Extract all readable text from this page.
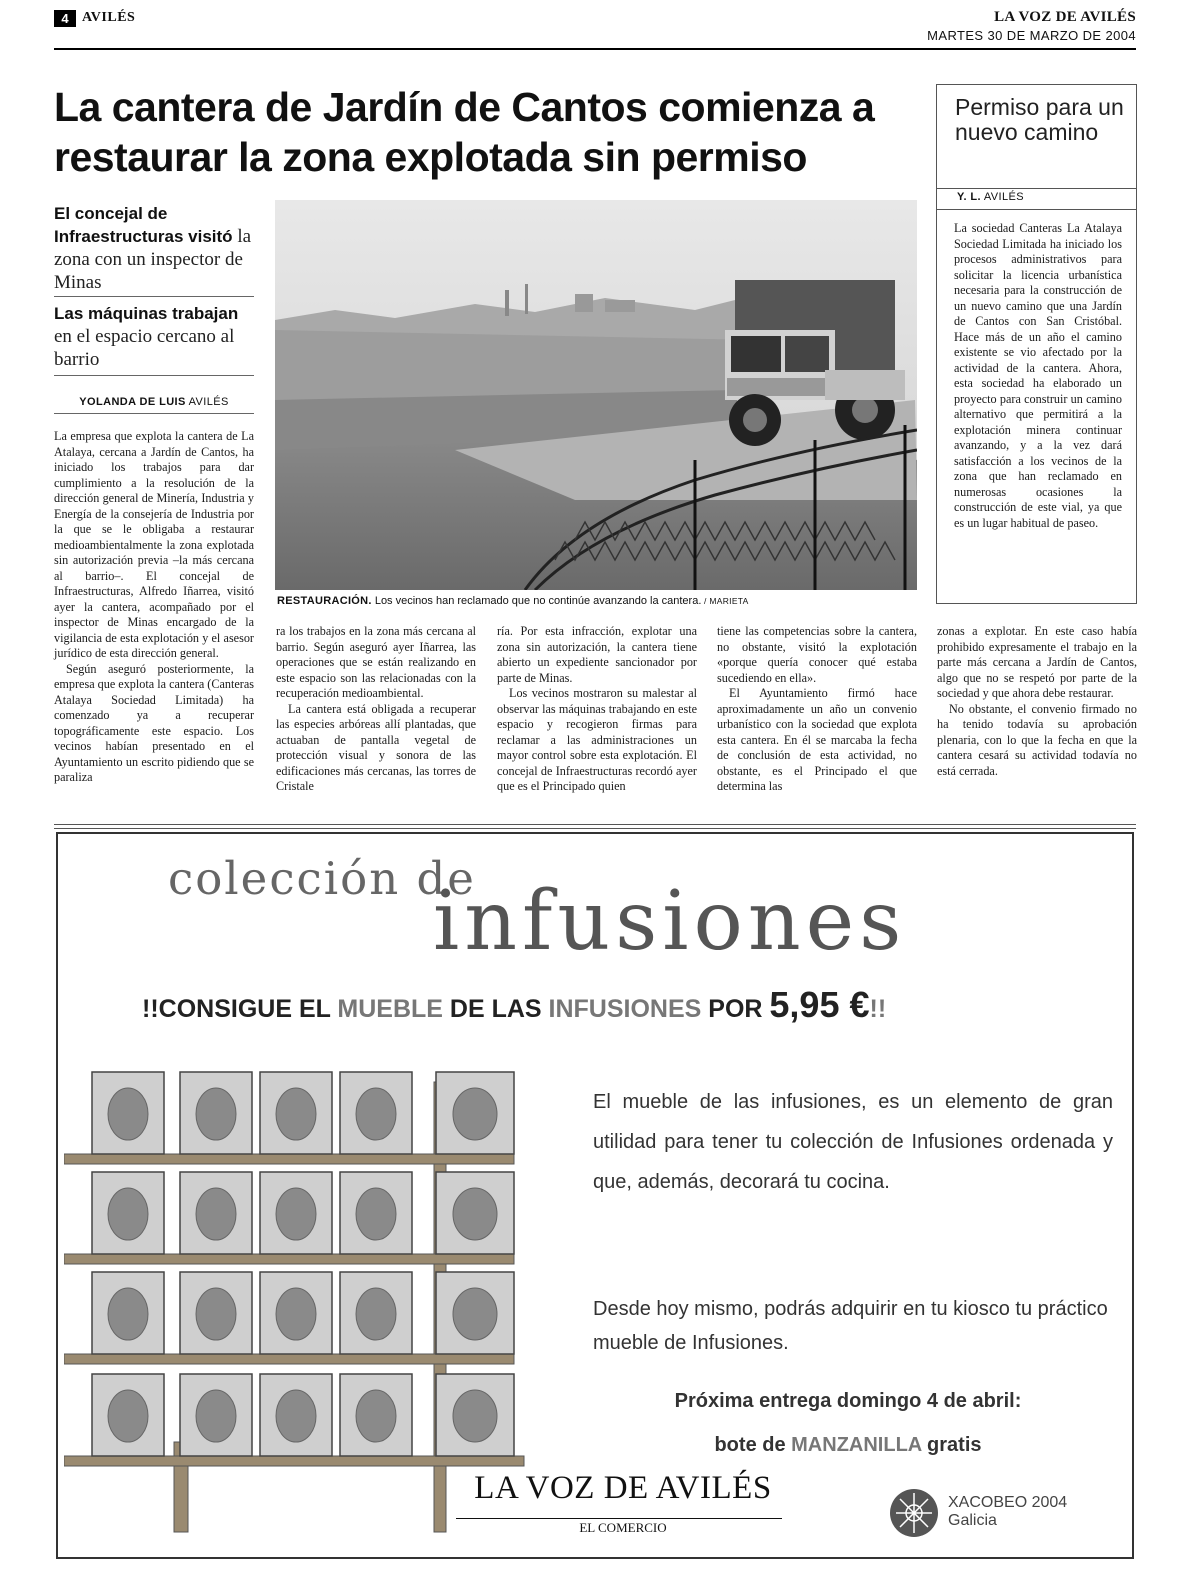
4 AVILÉS	LA VOZ DE AVILÉS
MARTES 30 DE MARZO DE 2004
La cantera de Jardín de Cantos comienza a restaurar la zona explotada sin permiso
El concejal de Infraestructuras visitó la zona con un inspector de Minas
Las máquinas trabajan en el espacio cercano al barrio
YOLANDA DE LUIS AVILÉS

La empresa que explota la cantera de La Atalaya, cercana a Jardín de Cantos, ha iniciado los trabajos para dar cumplimiento a la resolución de la dirección general de Minería, Industria y Energía de la consejería de Industria por la que se le obligaba a restaurar medioambientalmente la zona explotada sin autorización previa –la más cercana al barrio–. El concejal de Infraestructuras, Alfredo Iñarrea, visitó ayer la cantera, acompañado por el inspector de Minas encargado de la vigilancia de esta explotación y el asesor jurídico de esta dirección general.

Según aseguró posteriormente, la empresa que explota la cantera (Canteras Atalaya Sociedad Limitada) ha comenzado ya a recuperar topográficamente este espacio. Los vecinos habían presentado en el Ayuntamiento un escrito pidiendo que se paraliza

RESTAURACIÓN. Los vecinos han reclamado que no continúe avanzando la cantera. / MARIETA

ra los trabajos en la zona más cercana al barrio. Según aseguró ayer Iñarrea, las operaciones que se están realizando en este espacio son las relacionadas con la recuperación medioambiental.

La cantera está obligada a recuperar las especies arbóreas allí plantadas, que actuaban de pantalla vegetal de protección visual y sonora de las edificaciones más cercanas, las torres de Cristale

ría. Por esta infracción, explotar una zona sin autorización, la cantera tiene abierto un expediente sancionador por parte de Minas.

Los vecinos mostraron su malestar al observar las máquinas trabajando en este espacio y recogieron firmas para reclamar a las administraciones un mayor control sobre esta explotación. El concejal de Infraestructuras recordó ayer que es el Principado quien

tiene las competencias sobre la cantera, no obstante, visitó la explotación «porque quería conocer qué estaba sucediendo en ella».

El Ayuntamiento firmó hace aproximadamente un año un convenio urbanístico con la sociedad que explota esta cantera. En él se marcaba la fecha de conclusión de esta actividad, no obstante, es el Principado el que determina las

zonas a explotar. En este caso había prohibido expresamente el trabajo en la parte más cercana a Jardín de Cantos, algo que no se respetó por parte de la sociedad y que ahora debe restaurar.

No obstante, el convenio firmado no ha tenido todavía su aprobación plenaria, con lo que la fecha en que la cantera cesará su actividad todavía no está cerrada.

Permiso para un nuevo camino
Y. L. AVILÉS

La sociedad Canteras La Atalaya Sociedad Limitada ha iniciado los procesos administrativos para solicitar la licencia urbanística necesaria para la construcción de un nuevo camino que una Jardín de Cantos con San Cristóbal. Hace más de un año el camino existente se vio afectado por la actividad de la cantera. Ahora, esta sociedad ha elaborado un proyecto para construir un camino alternativo que permitirá a la explotación minera continuar avanzando, y a la vez dará satisfacción a los vecinos de la zona que han reclamado en numerosas ocasiones la construcción de este vial, ya que es un lugar habitual de paseo.

colección de
infusiones
!!CONSIGUE EL MUEBLE DE LAS INFUSIONES POR 5,95 €!!
El mueble de las infusiones, es un elemento de gran utilidad para tener tu colección de Infusiones ordenada y que, además, decorará tu cocina.
Desde hoy mismo, podrás adquirir en tu kiosco tu práctico mueble de Infusiones.
Próxima entrega domingo 4 de abril:
bote de MANZANILLA gratis
LA VOZ DE AVILÉS
EL COMERCIO
XACOBEO 2004
Galicia
